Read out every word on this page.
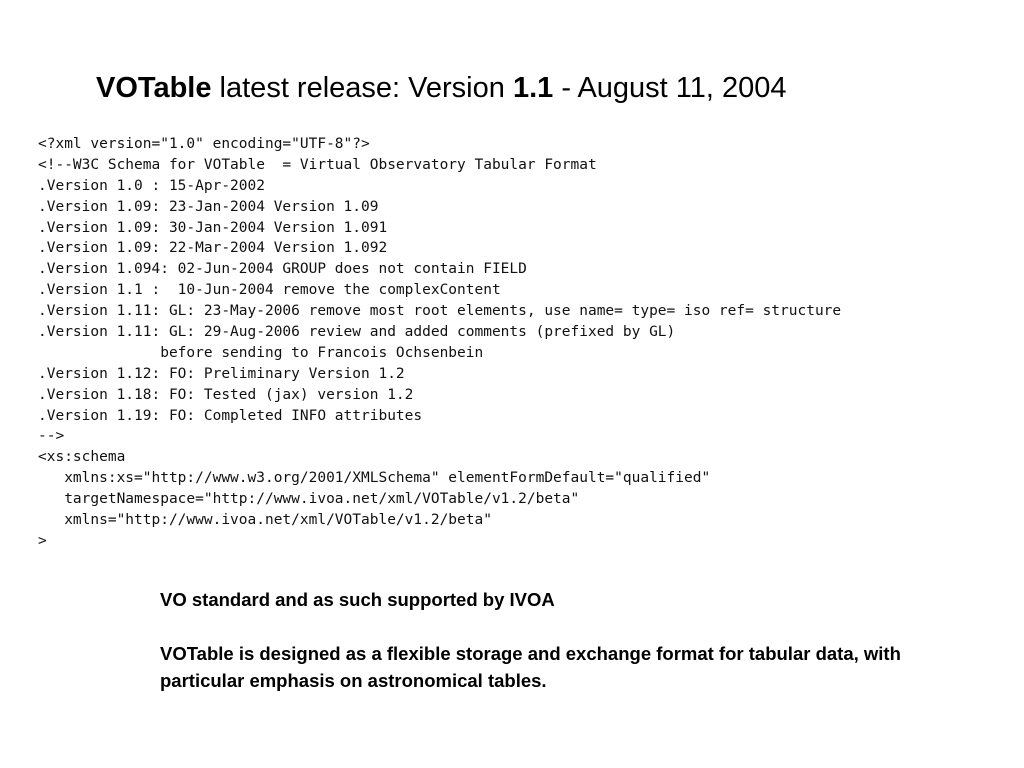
VOTable latest release: Version 1.1 - August 11, 2004
<?xml version="1.0" encoding="UTF-8"?>
<!--W3C Schema for VOTable  = Virtual Observatory Tabular Format
.Version 1.0 : 15-Apr-2002
.Version 1.09: 23-Jan-2004 Version 1.09
.Version 1.09: 30-Jan-2004 Version 1.091
.Version 1.09: 22-Mar-2004 Version 1.092
.Version 1.094: 02-Jun-2004 GROUP does not contain FIELD
.Version 1.1 :  10-Jun-2004 remove the complexContent
.Version 1.11: GL: 23-May-2006 remove most root elements, use name= type= iso ref= structure
.Version 1.11: GL: 29-Aug-2006 review and added comments (prefixed by GL)
before sending to Francois Ochsenbein
.Version 1.12: FO: Preliminary Version 1.2
.Version 1.18: FO: Tested (jax) version 1.2
.Version 1.19: FO: Completed INFO attributes
-->
<xs:schema
xmlns:xs="http://www.w3.org/2001/XMLSchema" elementFormDefault="qualified"
targetNamespace="http://www.ivoa.net/xml/VOTable/v1.2/beta"
xmlns="http://www.ivoa.net/xml/VOTable/v1.2/beta"
>

VO standard and as such supported by IVOA

VOTable is designed as a flexible storage and exchange format for tabular data, with particular emphasis on astronomical tables.
